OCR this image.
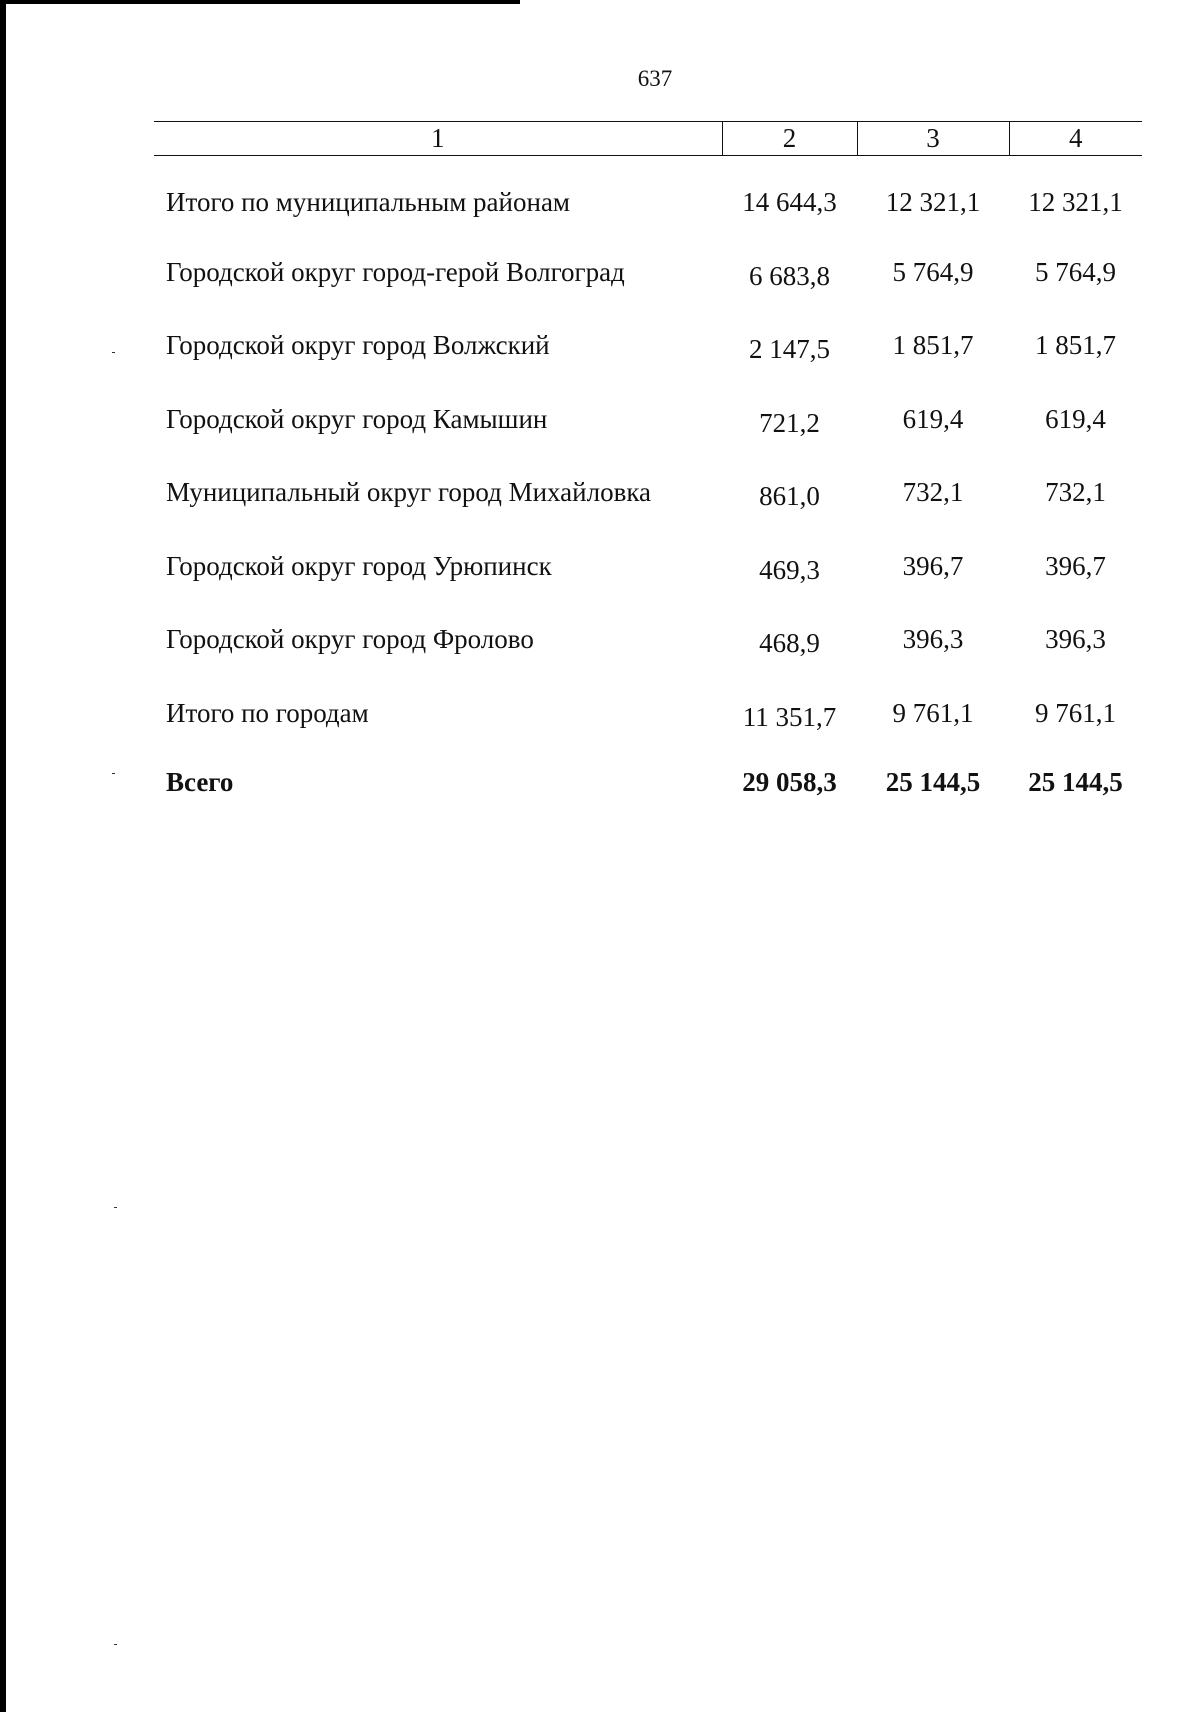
637
1	2	3	4
Итого по муниципальным районам	14 644,3	12 321,1	12 321,1
Городской округ город-герой Волгоград	6 683,8	5 764,9	5 764,9
Городской округ город Волжский	2 147,5	1 851,7	1 851,7
Городской округ город Камышин	721,2	619,4	619,4
Муниципальный округ город Михайловка	861,0	732,1	732,1
Городской округ город Урюпинск	469,3	396,7	396,7
Городской округ город Фролово	468,9	396,3	396,3
Итого по городам	11 351,7	9 761,1	9 761,1
Всего	29 058,3	25 144,5	25 144,5
